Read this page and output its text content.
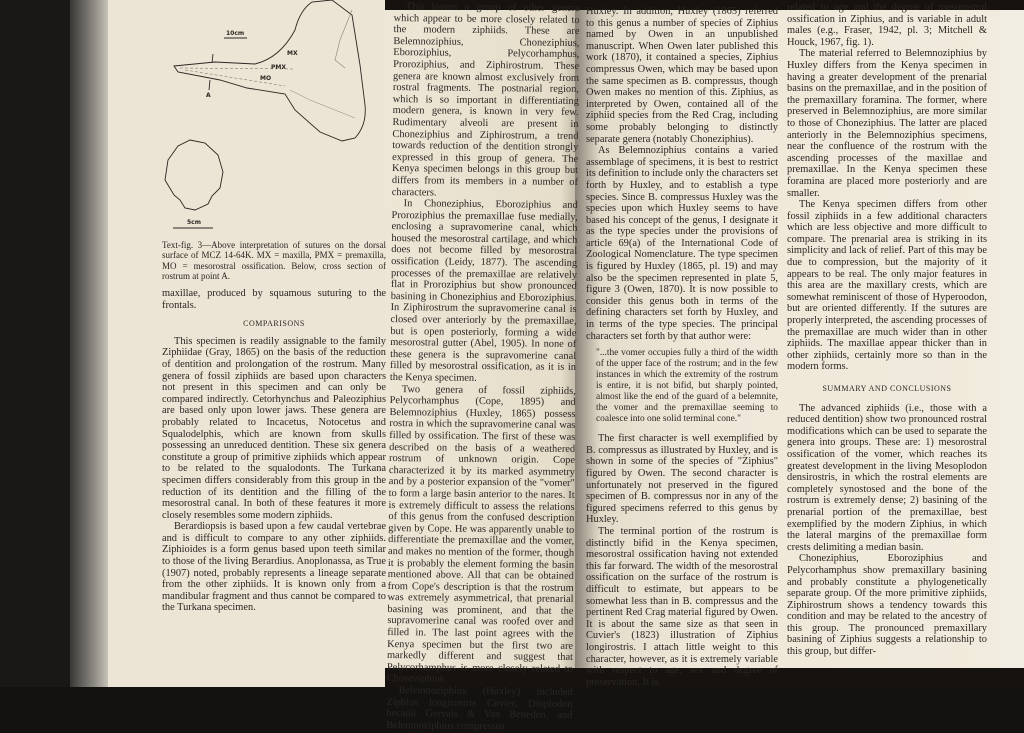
10cm
MX
PMX
MO
A
5cm
Text-fig. 3—Above interpretation of sutures on the dorsal surface of MCZ 14-64K. MX = maxilla, PMX = premaxilla, MO = mesorostral ossification. Below, cross section of rostrum at point A.

maxillae, produced by squamous suturing to the frontals.

COMPARISONS

This specimen is readily assignable to the family Ziphiidae (Gray, 1865) on the basis of the reduction of dentition and prolongation of the rostrum. Many genera of fossil ziphiids are based upon characters not present in this specimen and can only be compared indirectly. Cetorhynchus and Paleoziphius are based only upon lower jaws. These genera are probably related to Incacetus, Notocetus and Squalodelphis, which are known from skulls possessing an unreduced dentition. These six genera constitute a group of primitive ziphiids which appear to be related to the squalodonts. The Turkana specimen differs considerably from this group in the reduction of its dentition and the filling of the mesorostral canal. In both of these features it more closely resembles some modern ziphiids.

Berardiopsis is based upon a few caudal vertebrae and is difficult to compare to any other ziphiids. Ziphioides is a form genus based upon teeth similar to those of the living Berardius. Anoplonassa, as True (1907) noted, probably represents a lineage separate from the other ziphiids. It is known only from a mandibular fragment and thus cannot be compared to the Turkana specimen.

This leaves a group of other genera which appear to be more closely related to the modern ziphiids. These are Belemnoziphius, Choneziphius, Eboroziphius, Pelycorhamphus, Proroziphius, and Ziphirostrum. These genera are known almost exclusively from rostral fragments. The postnarial region, which is so important in differentiating modern genera, is known in very few. Rudimentary alveoli are present in Choneziphius and Ziphirostrum, a trend towards reduction of the dentition strongly expressed in this group of genera. The Kenya specimen belongs in this group but differs from its members in a number of characters.

In Choneziphius, Eboroziphius and Proroziphius the premaxillae fuse medially, enclosing a supravomerine canal, which housed the mesorostral cartilage, and which does not become filled by mesorostral ossification (Leidy, 1877). The ascending processes of the premaxillae are relatively flat in Proroziphius but show pronounced basining in Choneziphius and Eboroziphius. In Ziphirostrum the supravomerine canal is closed over anteriorly by the premaxillae, but is open posteriorly, forming a wide mesorostral gutter (Abel, 1905). In none of these genera is the supravomerine canal filled by mesorostral ossification, as it is in the Kenya specimen.

Two genera of fossil ziphiids, Pelycorhamphus (Cope, 1895) and Belemnoziphius (Huxley, 1865) possess rostra in which the supravomerine canal was filled by ossification. The first of these was described on the basis of a weathered rostrum of unknown origin. Cope characterized it by its marked asymmetry and by a posterior expansion of the "vomer" to form a large basin anterior to the nares. It is extremely difficult to assess the relations of this genus from the confused description given by Cope. He was apparently unable to differentiate the premaxillae and the vomer, and makes no mention of the former, though it is probably the element forming the basin mentioned above. All that can be obtained from Cope's description is that the rostrum was extremely asymmetrical, that prenarial basining was prominent, and that the supravomerine canal was roofed over and filled in. The last point agrees with the Kenya specimen but the first two are markedly different and suggest that Pelycorhamphus is more closely related to Choneziphius.

Belemnoziphius (Huxley) included Ziphius longirostris Cuvier, Dioplodon becanii Gervais & Van Beneden, and Belemnoziphius compressus

Huxley. In addition, Huxley (1865) referred to this genus a number of species of Ziphius named by Owen in an unpublished manuscript. When Owen later published this work (1870), it contained a species, Ziphius compressus Owen, which may be based upon the same specimen as B. compressus, though Owen makes no mention of this. Ziphius, as interpreted by Owen, contained all of the ziphiid species from the Red Crag, including some probably belonging to distinctly separate genera (notably Choneziphius).

As Belemnoziphius contains a varied assemblage of specimens, it is best to restrict its definition to include only the characters set forth by Huxley, and to establish a type species. Since B. compressus Huxley was the species upon which Huxley seems to have based his concept of the genus, I designate it as the type species under the provisions of article 69(a) of the International Code of Zoological Nomenclature. The type specimen is figured by Huxley (1865, pl. 19) and may also be the specimen represented in plate 5, figure 3 (Owen, 1870). It is now possible to consider this genus both in terms of the defining characters set forth by Huxley, and in terms of the type species. The principal characters set forth by that author were:

"...the vomer occupies fully a third of the width of the upper face of the rostrum; and in the few instances in which the extremity of the rostrum is entire, it is not bifid, but sharply pointed, almost like the end of the guard of a belemnite, the vomer and the premaxillae seeming to coalesce into one solid terminal cone."

The first character is well exemplified by B. compressus as illustrated by Huxley, and is shown in some of the species of "Ziphius" figured by Owen. The second character is unfortunately not preserved in the figured specimen of B. compressus nor in any of the figured specimens referred to this genus by Huxley.

The terminal portion of the rostrum is distinctly bifid in the Kenya specimen, mesorostral ossification having not extended this far forward. The width of the mesorostral ossification on the surface of the rostrum is difficult to estimate, but appears to be somewhat less than in B. compressus and the pertinent Red Crag material figured by Owen. It is about the same size as that seen in Cuvier's (1823) illustration of Ziphius longirostris. I attach little weight to this character, however, as it is extremely variable with respect to age, sex and degree of preservation. It is

related to age and the degree of mesorostral ossification in Ziphius, and is variable in adult males (e.g., Fraser, 1942, pl. 3; Mitchell & Houck, 1967, fig. 1).

The material referred to Belemnoziphius by Huxley differs from the Kenya specimen in having a greater development of the prenarial basins on the premaxillae, and in the position of the premaxillary foramina. The former, where preserved in Belemnoziphius, are more similar to those of Choneziphius. The latter are placed anteriorly in the Belemnoziphius specimens, near the confluence of the rostrum with the ascending processes of the maxillae and premaxillae. In the Kenya specimen these foramina are placed more posteriorly and are smaller.

The Kenya specimen differs from other fossil ziphiids in a few additional characters which are less objective and more difficult to compare. The prenarial area is striking in its simplicity and lack of relief. Part of this may be due to compression, but the majority of it appears to be real. The only major features in this area are the maxillary crests, which are somewhat reminiscent of those of Hyperoodon, but are oriented differently. If the sutures are properly interpreted, the ascending processes of the premaxillae are much wider than in other ziphiids. The maxillae appear thicker than in other ziphiids, certainly more so than in the modern forms.

SUMMARY AND CONCLUSIONS

The advanced ziphiids (i.e., those with a reduced dentition) show two pronounced rostral modifications which can be used to separate the genera into groups. These are: 1) mesorostral ossification of the vomer, which reaches its greatest development in the living Mesoplodon densirostris, in which the rostral elements are completely synostosed and the bone of the rostrum is extremely dense; 2) basining of the prenarial portion of the premaxillae, best exemplified by the modern Ziphius, in which the lateral margins of the premaxillae form crests delimiting a median basin.

Choneziphius, Eboroziphius and Pelycorhamphus show premaxillary basining and probably constitute a phylogenetically separate group. Of the more primitive ziphiids, Ziphirostrum shows a tendency towards this condition and may be related to the ancestry of this group. The pronounced premaxillary basining of Ziphius suggests a relationship to this group, but differ-
